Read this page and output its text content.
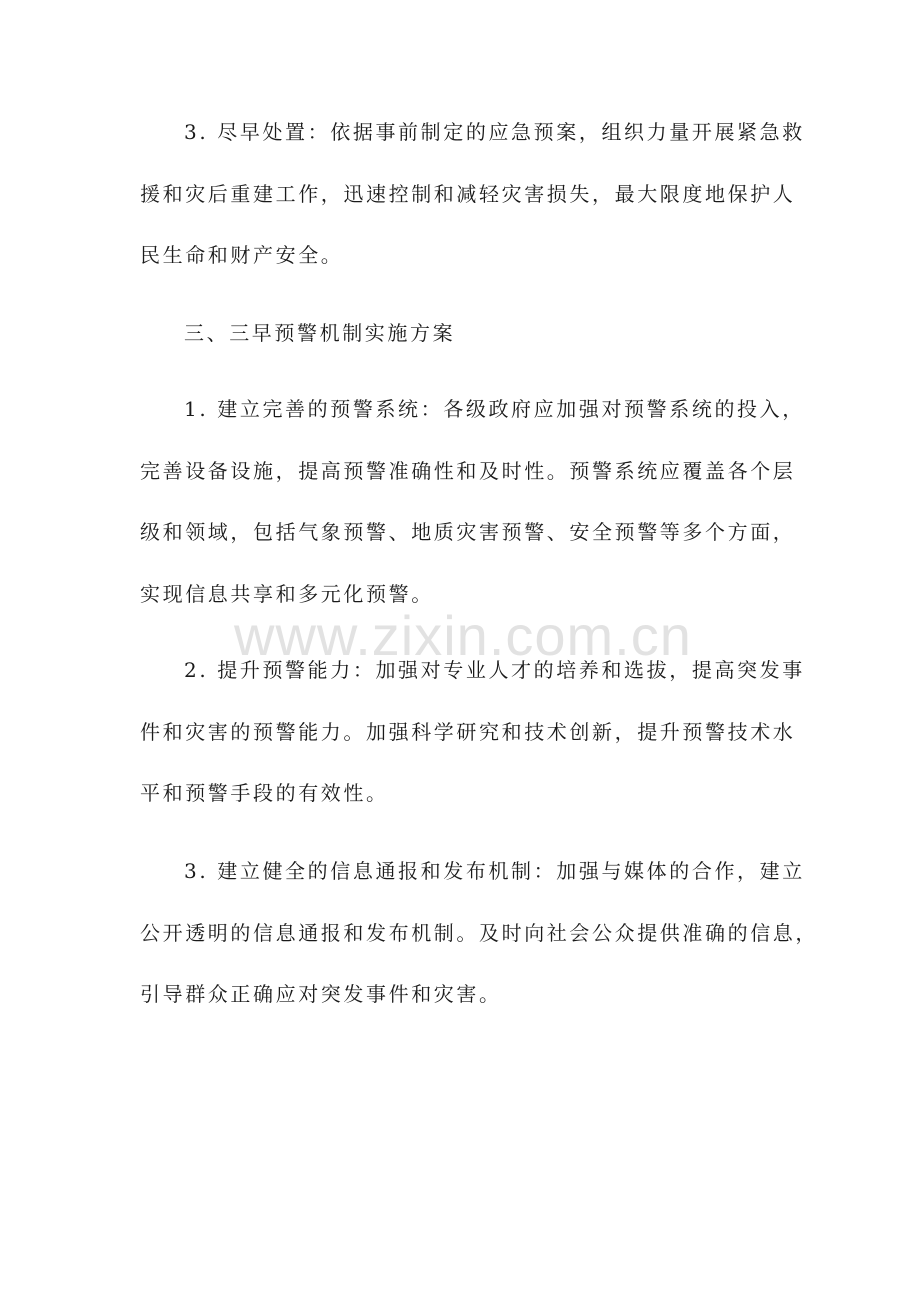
3. 尽早处置：依据事前制定的应急预案，组织力量开展紧急救
援和灾后重建工作，迅速控制和减轻灾害损失，最大限度地保护人
民生命和财产安全。
三、三早预警机制实施方案
1. 建立完善的预警系统：各级政府应加强对预警系统的投入，
完善设备设施，提高预警准确性和及时性。预警系统应覆盖各个层
级和领域，包括气象预警、地质灾害预警、安全预警等多个方面，
实现信息共享和多元化预警。
2. 提升预警能力：加强对专业人才的培养和选拔，提高突发事
件和灾害的预警能力。加强科学研究和技术创新，提升预警技术水
平和预警手段的有效性。
3. 建立健全的信息通报和发布机制：加强与媒体的合作，建立
公开透明的信息通报和发布机制。及时向社会公众提供准确的信息，
引导群众正确应对突发事件和灾害。
www.zixin.com.cn
